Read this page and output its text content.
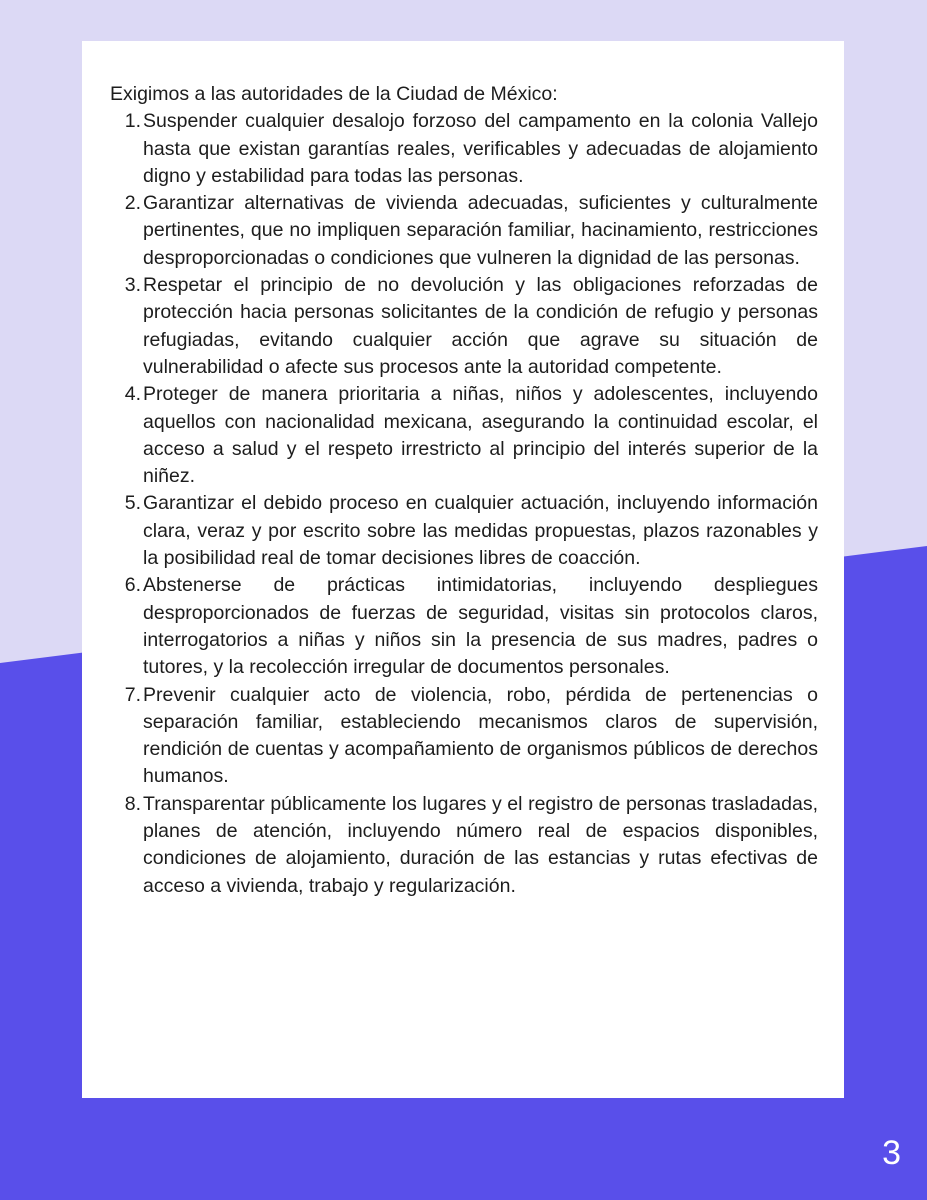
Exigimos a las autoridades de la Ciudad de México:

1. Suspender cualquier desalojo forzoso del campamento en la colonia Vallejo hasta que existan garantías reales, verificables y adecuadas de alojamiento digno y estabilidad para todas las personas.
2. Garantizar alternativas de vivienda adecuadas, suficientes y culturalmente pertinentes, que no impliquen separación familiar, hacinamiento, restricciones desproporcionadas o condiciones que vulneren la dignidad de las personas.
3. Respetar el principio de no devolución y las obligaciones reforzadas de protección hacia personas solicitantes de la condición de refugio y personas refugiadas, evitando cualquier acción que agrave su situación de vulnerabilidad o afecte sus procesos ante la autoridad competente.
4. Proteger de manera prioritaria a niñas, niños y adolescentes, incluyendo aquellos con nacionalidad mexicana, asegurando la continuidad escolar, el acceso a salud y el respeto irrestricto al principio del interés superior de la niñez.
5. Garantizar el debido proceso en cualquier actuación, incluyendo información clara, veraz y por escrito sobre las medidas propuestas, plazos razonables y la posibilidad real de tomar decisiones libres de coacción.
6. Abstenerse de prácticas intimidatorias, incluyendo despliegues desproporcionados de fuerzas de seguridad, visitas sin protocolos claros, interrogatorios a niñas y niños sin la presencia de sus madres, padres o tutores, y la recolección irregular de documentos personales.
7. Prevenir cualquier acto de violencia, robo, pérdida de pertenencias o separación familiar, estableciendo mecanismos claros de supervisión, rendición de cuentas y acompañamiento de organismos públicos de derechos humanos.
8. Transparentar públicamente los lugares y el registro de personas trasladadas, planes de atención, incluyendo número real de espacios disponibles, condiciones de alojamiento, duración de las estancias y rutas efectivas de acceso a vivienda, trabajo y regularización.
3
